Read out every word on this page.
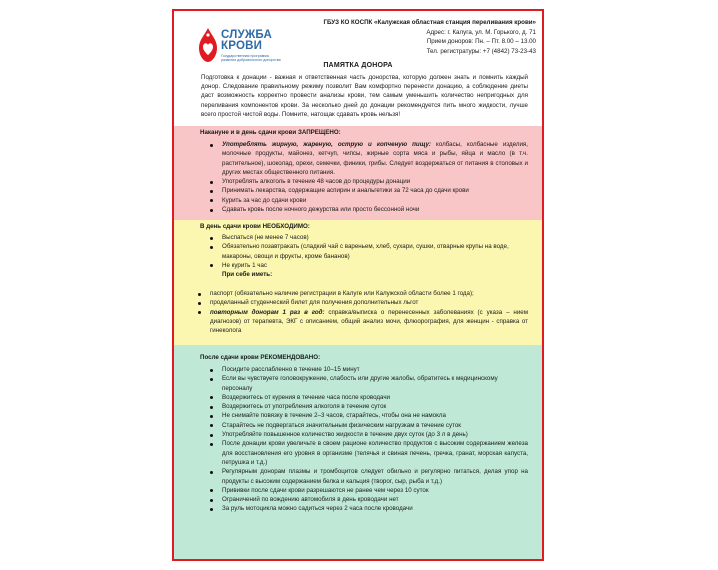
СЛУЖБА
КРОВИ
Государственная программа развития добровольного донорства
ГБУЗ КО КОСПК «Калужская областная станция переливания крови»
Адрес: г. Калуга, ул. М. Горького, д. 71
Прием доноров: Пн. – Пт. 8.00 – 13.00
Тел. регистратуры: +7 (4842) 73-23-43
ПАМЯТКА ДОНОРА
Подготовка к донации - важная и ответственная часть донорства, которую должен знать и помнить каждый донор. Следование правильному режиму позволит Вам комфортно перенести донацию, а соблюдение диеты даст возможность корректно провести анализы крови, тем самым уменьшить количество непригодных для переливания компонентов крови. За несколько дней до донации рекомендуется пить много жидкости, лучше всего простой чистой воды. Помните, натощак сдавать кровь нельзя!
Накануне и в день сдачи крови ЗАПРЕЩЕНО:
Употреблять жирную, жареную, острую и копченую пищу: колбасы, колбасные изделия, молочные продукты, майонез, кетчуп, чипсы, жирные сорта мяса и рыбы, яйца и масло (в т.ч. растительное), шоколад, орехи, семечки, финики, грибы. Следует воздержаться от питания в столовых и других местах общественного питания.
Употреблять алкоголь в течение 48 часов до процедуры донации
Принимать лекарства, содержащие аспирин и анальгетики за 72 часа до сдачи крови
Курить за час до сдачи крови
Сдавать кровь после ночного дежурства или просто бессонной ночи
В день сдачи крови НЕОБХОДИМО:
Выспаться (не менее 7 часов)
Обязательно позавтракать (сладкий чай с вареньем, хлеб, сухари, сушки, отварные крупы на воде, макароны, овощи и фрукты, кроме бананов)
Не курить 1 час
При себе иметь:
паспорт (обязательно наличие регистрации в Калуге или Калужской области более 1 года);
проделанный студенческий билет для получения дополнительных льгот
повторным донорам 1 раз в год: справка/выписка о перенесенных заболеваниях (с указа – нием диагнозов) от терапевта, ЭКГ с описанием, общий анализ мочи, флюорография, для женщин - справка от гинеколога
После сдачи крови РЕКОМЕНДОВАНО:
Посидите расслабленно в течение 10–15 минут
Если вы чувствуете головокружение, слабость или другие жалобы, обратитесь к медицинскому персоналу
Воздержитесь от курения в течение часа после кроводачи
Воздержитесь от употребления алкоголя в течение суток
Не снимайте повязку в течение 2–3 часов, старайтесь, чтобы она не намокла
Старайтесь не подвергаться значительным физическим нагрузкам в течение суток
Употребляйте повышенное количество жидкости в течение двух суток (до 3 л в день)
После донации крови увеличьте в своем рационе количество продуктов с высоким содержанием железа для восстановления его уровня в организме (телячья и свиная печень, гречка, гранат, морская капуста, петрушка и т.д.)
Регулярным донорам плазмы и тромбоцитов следует обильно и регулярно питаться, делая упор на продукты с высоким содержанием белка и кальция (творог, сыр, рыба и т.д.)
Прививки после сдачи крови разрешаются не ранее чем через 10 суток
Ограничений по вождению автомобиля в день кроводачи нет
За руль мотоцикла можно садиться через 2 часа после кроводачи
